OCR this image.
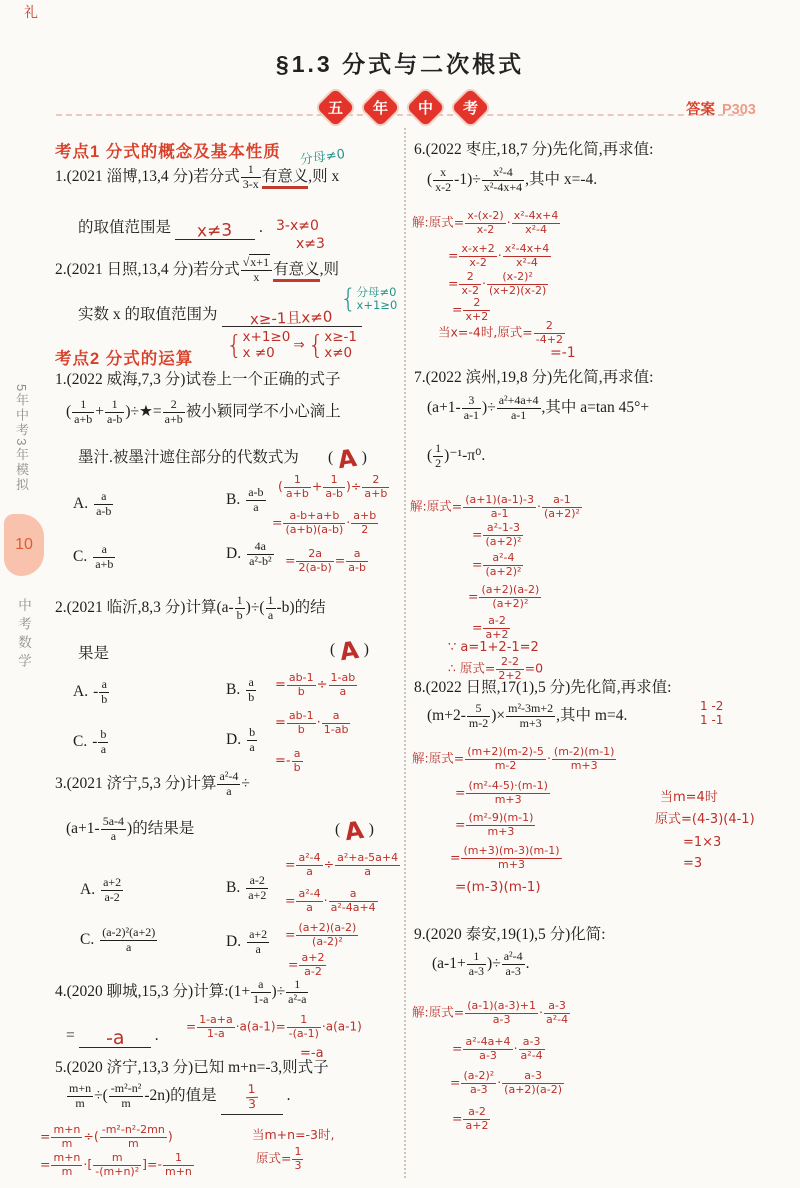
礼
§1.3 分式与二次根式
五 年 中 考	答案 P303
5年中考3年模拟
10
中考数学
考点1 分式的概念及基本性质
1.(2021 淄博,13,4 分)若分式 $\frac{1}{3-x}$ 有意义,则 x
的取值范围是 x≠3 .
分母≠0
3-x≠0
x≠3
2.(2021 日照,13,4 分)若分式 $\frac{√x+1}{x}$ 有意义,则
实数 x 的取值范围为 x≥-1且x≠0
{ 分母≠0
x+1≥0
{ x+1≥0
x ≠0	⇒ { x≥-1
x≠0
考点2 分式的运算
1.(2022 威海,7,3 分)试卷上一个正确的式子
( $\frac{1}{a+b} + \frac{1}{a-b}$ )÷★= $\frac{2}{a+b}$ 被小颖同学不小心滴上
墨汁.被墨汁遮住部分的代数式为 ( A )
A. $\frac{a}{a-b}$	B. $\frac{a-b}{a}$
C. $\frac{a}{a+b}$	D. $\frac{4a}{\text{a²-b²}}$
( $\frac{1}{a+b} + \frac{1}{a-b}$ )÷ $\frac{2}{a+b}$
= $\frac{a-b+a+b}{(a+b)(a-b)} \cdot \frac{a+b}{2}$
= $\frac{2a}{2(a-b)} = \frac{a}{a-b}$
2.(2021 临沂,8,3 分)计算($a- \frac{1}{b}$ )÷( $\frac{1}{a} -b$)的结
果是	( A )
A. - $\frac{a}{b}$	B. $\frac{a}{b}$
C. - $\frac{b}{a}$	D. $\frac{b}{a}$
= $\frac{ab-1}{b} \div \frac{1-ab}{a}$
= $\frac{ab-1}{b} \cdot \frac{a}{1-ab}$
=- $\frac{a}{b}$
3.(2021 济宁,5,3 分)计算 $\frac{\text{a²-4}}{a}$ ÷
($a+1- \frac{5a-4}{a}$ )的结果是	( A )
A. $\frac{a+2}{a-2}$	B. $\frac{a-2}{a+2}$
C. $\frac{\text{(a-2)²(a+2)}}{a}$	D. $\frac{a+2}{a}$
= $\frac{\text{a²-4}}{a} \div \frac{\text{a²+a-5a+4}}{a}$
= $\frac{\text{a²-4}}{a} \cdot \frac{a}{\text{a²-4a+4}}$
= $\frac{(a+2)(a-2)}{\text{(a-2)²}}$
= $\frac{a+2}{a-2}$
4.(2020 聊城,15,3 分)计算:(1+ $\frac{a}{1-a}$ )÷ $\frac{1}{\text{a²-a}}$
= -a .
= $\frac{1-a+a}{1-a} \cdot a(a-1)= \frac{1}{-(a-1)} \cdot a(a-1)$
=-a
5.(2020 济宁,13,3 分)已知 m+n=-3,则式子
$\frac{m+n}{m}$ ÷( $\frac{\text{-m²-n²}}{m} -2n$)的值是 $\frac{1}{3}$ .
= $\frac{m+n}{m}$ ÷( $\frac{\text{-m²-n²-2mn}}{m}$ )
= $\frac{m+n}{m}$ ·[ $\frac{m}{\text{-(m+n)²}}$ ]=- $\frac{1}{m+n}$
当m+n=-3时,
原式= $\frac{1}{3}$
6.(2022 枣庄,18,7 分)先化简,再求值:
( $\frac{x}{x-2} -1)\div \frac{\text{x²-4}}{\text{x²-4x+4}}$ ,其中 x=-4.
解:原式= $\frac{x-(x-2)}{x-2} \cdot \frac{\text{x²-4x+4}}{\text{x²-4}}$
= $\frac{x-x+2}{x-2} \cdot \frac{\text{x²-4x+4}}{\text{x²-4}}$
= $\frac{2}{x-2} \cdot \frac{\text{(x-2)²}}{(x+2)(x-2)}$
= $\frac{2}{x+2}$
当x=-4时,原式= $\frac{2}{-4+2}$
=-1
7.(2022 滨州,19,8 分)先化简,再求值:
($a+1- \frac{3}{a-1}$ )÷ $\frac{\text{a²+4a+4}}{a-1}$ ,其中 a=tan 45°+
( $\frac{1}{2} )^{-1}-\pi^0$.
解:原式= $\frac{(a+1)(a-1)-3}{a-1} \cdot \frac{a-1}{\text{(a+2)²}}$
= $\frac{\text{a²-1-3}}{\text{(a+2)²}}$
= $\frac{\text{a²-4}}{\text{(a+2)²}}$
= $\frac{(a+2)(a-2)}{\text{(a+2)²}}$
= $\frac{a-2}{a+2}$
∵ a=1+2-1=2
∴ 原式= $\frac{2-2}{2+2} =0$
8.(2022 日照,17(1),5 分)先化简,再求值:
($m+2- \frac{5}{m-2}$ )× $\frac{\text{m²-3m+2}}{m+3}$ ,其中 m=4.
1 -2
1 -1
解:原式= $\frac{(m+2)(m-2)-5}{m-2} \cdot \frac{(m-2)(m-1)}{m+3}$
= $\frac{\text{(m²-4-5)·(m-1)}}{m+3}$
= $\frac{\text{(m²-9)(m-1)}}{m+3}$
= $\frac{(m+3)(m-3)(m-1)}{m+3}$
=(m-3)(m-1)
当m=4时
原式=(4-3)(4-1)
=1×3
=3
9.(2020 泰安,19(1),5 分)化简:
($a-1+ \frac{1}{a-3}$ )÷ $\frac{\text{a²-4}}{a-3}$ .
解:原式= $\frac{(a-1)(a-3)+1}{a-3} \cdot \frac{a-3}{\text{a²-4}}$
= $\frac{\text{a²-4a+4}}{a-3} \cdot \frac{a-3}{\text{a²-4}}$
= $\frac{\text{(a-2)²}}{a-3} \cdot \frac{a-3}{(a+2)(a-2)}$
= $\frac{a-2}{a+2}$
